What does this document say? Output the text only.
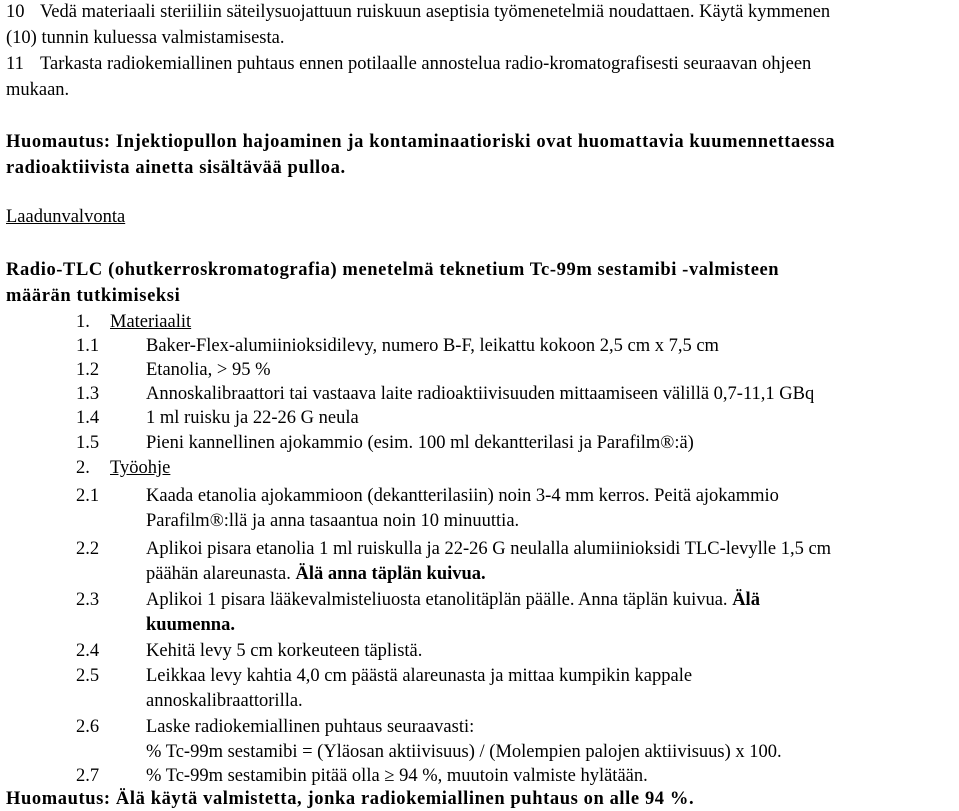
10 Vedä materiaali steriiliin säteilysuojattuun ruiskuun aseptisia työmenetelmiä noudattaen. Käytä kymmenen
(10) tunnin kuluessa valmistamisesta.
11 Tarkasta radiokemiallinen puhtaus ennen potilaalle annostelua radio-kromatografisesti seuraavan ohjeen
mukaan.
Huomautus: Injektiopullon hajoaminen ja kontaminaatioriski ovat huomattavia kuumennettaessa
radioaktiivista ainetta sisältävää pulloa.
Laadunvalvonta
Radio-TLC (ohutkerroskromatografia) menetelmä teknetium Tc-99m sestamibi -valmisteen
määrän tutkimiseksi
1. Materiaalit
1.1	Baker-Flex-alumiinioksidilevy, numero B-F, leikattu kokoon 2,5 cm x 7,5 cm
1.2	Etanolia, > 95 %
1.3	Annoskalibraattori tai vastaava laite radioaktiivisuuden mittaamiseen välillä 0,7-11,1 GBq
1.4	1 ml ruisku ja 22-26 G neula
1.5	Pieni kannellinen ajokammio (esim. 100 ml dekantterilasi ja Parafilm®:ä)
2. Työohje
2.1	Kaada etanolia ajokammioon (dekantterilasiin) noin 3-4 mm kerros. Peitä ajokammio
Parafilm®:llä ja anna tasaantua noin 10 minuuttia.
2.2	Aplikoi pisara etanolia 1 ml ruiskulla ja 22-26 G neulalla alumiinioksidi TLC-levylle 1,5 cm
päähän alareunasta. Älä anna täplän kuivua.
2.3	Aplikoi 1 pisara lääkevalmisteliuosta etanolitäplän päälle. Anna täplän kuivua. Älä
kuumenna.
2.4	Kehitä levy 5 cm korkeuteen täplistä.
2.5	Leikkaa levy kahtia 4,0 cm päästä alareunasta ja mittaa kumpikin kappale
annoskalibraattorilla.
2.6	Laske radiokemiallinen puhtaus seuraavasti:
% Tc-99m sestamibi = (Yläosan aktiivisuus) / (Molempien palojen aktiivisuus) x 100.
2.7	% Tc-99m sestamibin pitää olla ≥ 94 %, muutoin valmiste hylätään.
Huomautus: Älä käytä valmistetta, jonka radiokemiallinen puhtaus on alle 94 %.
